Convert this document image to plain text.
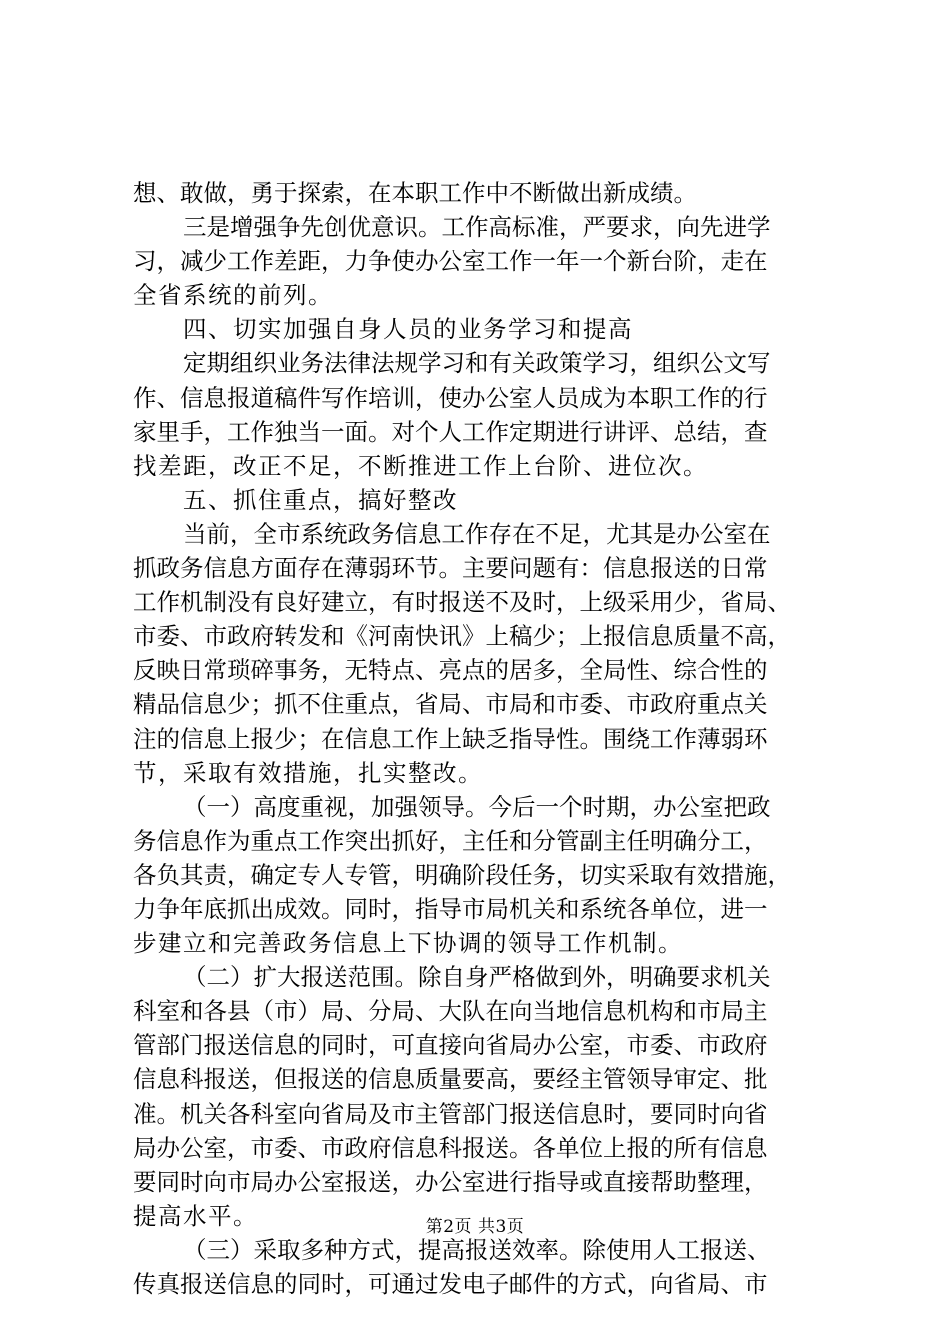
想、敢做，勇于探索，在本职工作中不断做出新成绩。
三是增强争先创优意识。工作高标准，严要求，向先进学
习，减少工作差距，力争使办公室工作一年一个新台阶，走在
全省系统的前列。
四、切实加强自身人员的业务学习和提高
定期组织业务法律法规学习和有关政策学习，组织公文写
作、信息报道稿件写作培训，使办公室人员成为本职工作的行
家里手，工作独当一面。对个人工作定期进行讲评、总结，查
找差距，改正不足，不断推进工作上台阶、进位次。
五、抓住重点，搞好整改
当前，全市系统政务信息工作存在不足，尤其是办公室在
抓政务信息方面存在薄弱环节。主要问题有：信息报送的日常
工作机制没有良好建立，有时报送不及时，上级采用少，省局、
市委、市政府转发和《河南快讯》上稿少；上报信息质量不高，
反映日常琐碎事务，无特点、亮点的居多，全局性、综合性的
精品信息少；抓不住重点，省局、市局和市委、市政府重点关
注的信息上报少；在信息工作上缺乏指导性。围绕工作薄弱环
节，采取有效措施，扎实整改。
（一）高度重视，加强领导。今后一个时期，办公室把政
务信息作为重点工作突出抓好，主任和分管副主任明确分工，
各负其责，确定专人专管，明确阶段任务，切实采取有效措施，
力争年底抓出成效。同时，指导市局机关和系统各单位，进一
步建立和完善政务信息上下协调的领导工作机制。
（二）扩大报送范围。除自身严格做到外，明确要求机关
科室和各县（市）局、分局、大队在向当地信息机构和市局主
管部门报送信息的同时，可直接向省局办公室，市委、市政府
信息科报送，但报送的信息质量要高，要经主管领导审定、批
准。机关各科室向省局及市主管部门报送信息时，要同时向省
局办公室，市委、市政府信息科报送。各单位上报的所有信息
要同时向市局办公室报送，办公室进行指导或直接帮助整理，
提高水平。
（三）采取多种方式，提高报送效率。除使用人工报送、
传真报送信息的同时，可通过发电子邮件的方式，向省局、市
第2页 共3页
